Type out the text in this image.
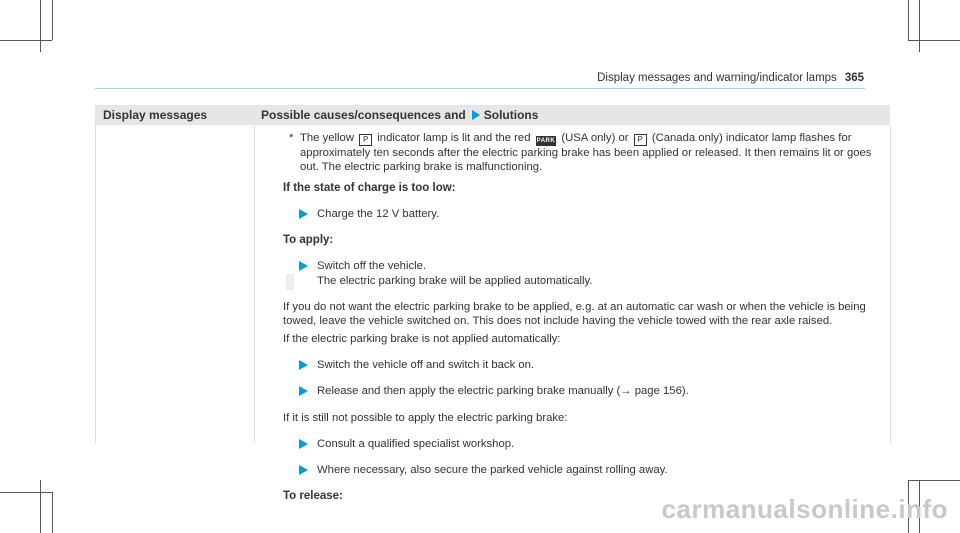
Display messages and warning/indicator lamps 365
Display messages	Possible causes/consequences and Solutions

* The yellow P indicator lamp is lit and the red PARK (USA only) or P (Canada only) indicator lamp flashes for approximately ten seconds after the electric parking brake has been applied or released. It then remains lit or goes out. The electric parking brake is malfunctioning.

If the state of charge is too low:

Charge the 12 V battery.

To apply:

Switch off the vehicle.
The electric parking brake will be applied automatically.

If you do not want the electric parking brake to be applied, e.g. at an automatic car wash or when the vehicle is being towed, leave the vehicle switched on. This does not include having the vehicle towed with the rear axle raised.

If the electric parking brake is not applied automatically:

Switch the vehicle off and switch it back on.
Release and then apply the electric parking brake manually (→ page 156).

If it is still not possible to apply the electric parking brake:

Consult a qualified specialist workshop.
Where necessary, also secure the parked vehicle against rolling away.

To release:	carmanualsonline.info
